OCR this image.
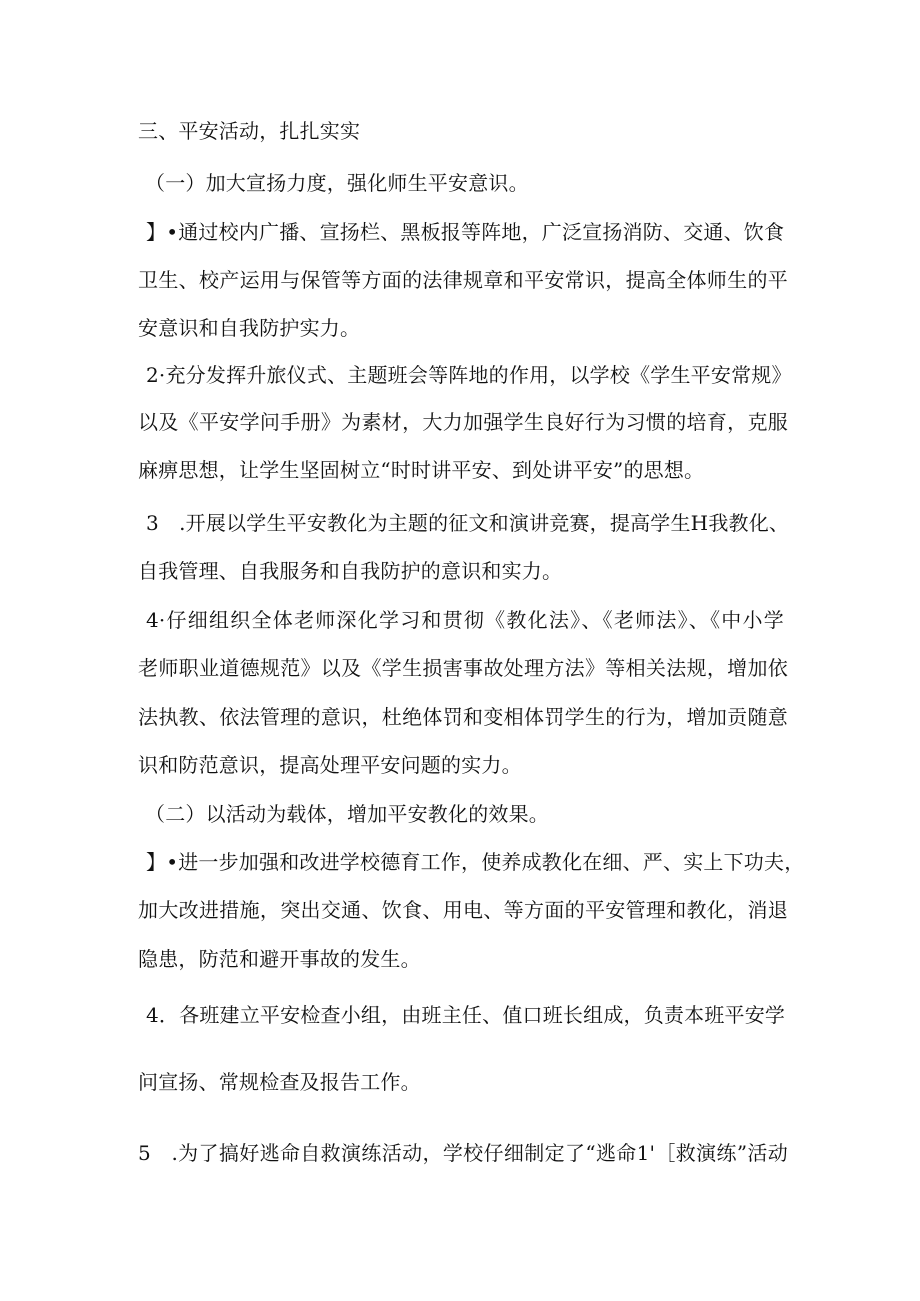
三、平安活动，扎扎实实
（一）加大宣扬力度，强化师生平安意识。
】•通过校内广播、宣扬栏、黑板报等阵地，广泛宣扬消防、交通、饮食
卫生、校产运用与保管等方面的法律规章和平安常识，提高全体师生的平
安意识和自我防护实力。
2·充分发挥升旅仪式、主题班会等阵地的作用，以学校《学生平安常规》
以及《平安学问手册》为素材，大力加强学生良好行为习惯的培育，克服
麻痹思想，让学生坚固树立“时时讲平安、到处讲平安”的思想。
3　.开展以学生平安教化为主题的征文和演讲竞赛，提高学生H我教化、
自我管理、自我服务和自我防护的意识和实力。
4·仔细组织全体老师深化学习和贯彻《教化法》、《老师法》、《中小学
老师职业道德规范》以及《学生损害事故处理方法》等相关法规，增加依
法执教、依法管理的意识，杜绝体罚和变相体罚学生的行为，增加贡随意
识和防范意识，提高处理平安问题的实力。
（二）以活动为载体，增加平安教化的效果。
】•进一步加强和改进学校德育工作，使养成教化在细、严、实上下功夫，
加大改进措施，突出交通、饮食、用电、等方面的平安管理和教化，消退
隐患，防范和避开事故的发生。
4．各班建立平安检查小组，由班主任、值口班长组成，负责本班平安学
问宣扬、常规检查及报告工作。
5　.为了搞好逃命自救演练活动，学校仔细制定了“逃命1'［救演练”活动
